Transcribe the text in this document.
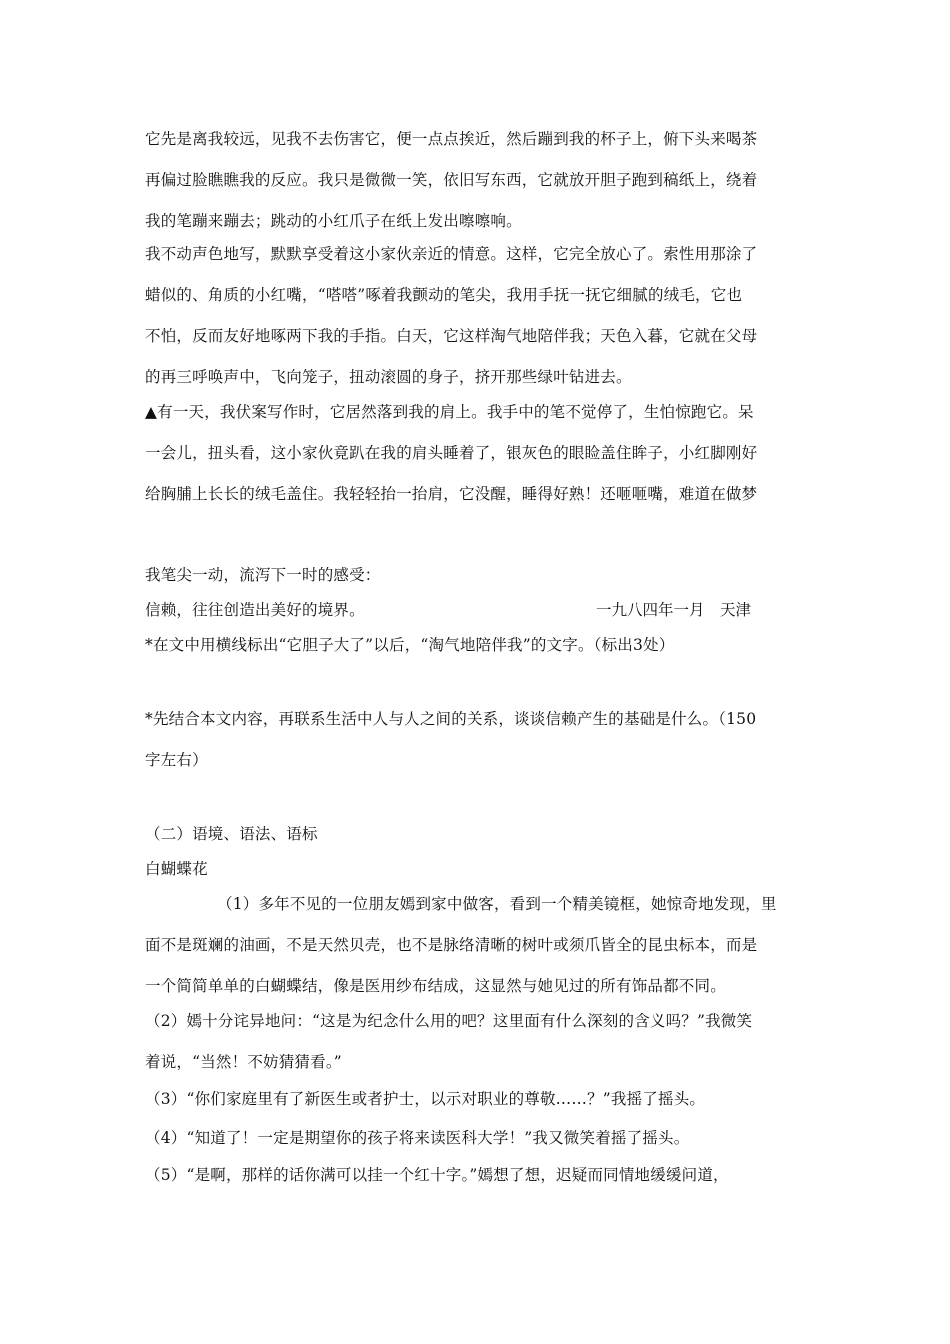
它先是离我较远，见我不去伤害它，便一点点挨近，然后蹦到我的杯子上，俯下头来喝茶
再偏过脸瞧瞧我的反应。我只是微微一笑，依旧写东西，它就放开胆子跑到稿纸上，绕着
我的笔蹦来蹦去；跳动的小红爪子在纸上发出嚓嚓响。
我不动声色地写，默默享受着这小家伙亲近的情意。这样，它完全放心了。索性用那涂了
蜡似的、角质的小红嘴，“嗒嗒”啄着我颤动的笔尖，我用手抚一抚它细腻的绒毛，它也
不怕，反而友好地啄两下我的手指。白天，它这样淘气地陪伴我；天色入暮，它就在父母
的再三呼唤声中，飞向笼子，扭动滚圆的身子，挤开那些绿叶钻进去。
▲有一天，我伏案写作时，它居然落到我的肩上。我手中的笔不觉停了，生怕惊跑它。呆
一会儿，扭头看，这小家伙竟趴在我的肩头睡着了，银灰色的眼睑盖住眸子，小红脚刚好
给胸脯上长长的绒毛盖住。我轻轻抬一抬肩，它没醒，睡得好熟！还咂咂嘴，难道在做梦
我笔尖一动，流泻下一时的感受：
信赖，往往创造出美好的境界。	一九八四年一月　天津
*在文中用横线标出“它胆子大了”以后，“淘气地陪伴我”的文字。（标出3处）
*先结合本文内容，再联系生活中人与人之间的关系，谈谈信赖产生的基础是什么。（150
字左右）
（二）语境、语法、语标
白蝴蝶花
（1）多年不见的一位朋友嫣到家中做客，看到一个精美镜框，她惊奇地发现，里
面不是斑斓的油画，不是天然贝壳，也不是脉络清晰的树叶或须爪皆全的昆虫标本，而是
一个简简单单的白蝴蝶结，像是医用纱布结成，这显然与她见过的所有饰品都不同。
（2）嫣十分诧异地问：“这是为纪念什么用的吧？这里面有什么深刻的含义吗？”我微笑
着说，“当然！不妨猜猜看。”
（3）“你们家庭里有了新医生或者护士，以示对职业的尊敬……？”我摇了摇头。
（4）“知道了！一定是期望你的孩子将来读医科大学！”我又微笑着摇了摇头。
（5）“是啊，那样的话你满可以挂一个红十字。”嫣想了想，迟疑而同情地缓缓问道，
